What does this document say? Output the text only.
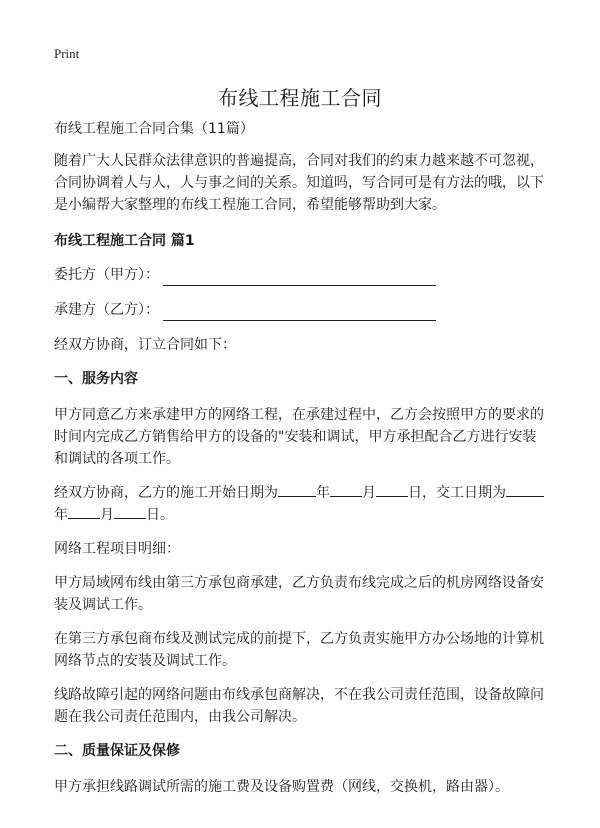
Print
布线工程施工合同

布线工程施工合同合集（11篇）

随着广大人民群众法律意识的普遍提高，合同对我们的约束力越来越不可忽视，合同协调着人与人，人与事之间的关系。知道吗，写合同可是有方法的哦，以下是小编帮大家整理的布线工程施工合同，希望能够帮助到大家。

布线工程施工合同 篇1

委托方（甲方）：

承建方（乙方）：

经双方协商，订立合同如下：

一、服务内容

甲方同意乙方来承建甲方的网络工程，在承建过程中，乙方会按照甲方的要求的时间内完成乙方销售给甲方的设备的"安装和调试，甲方承担配合乙方进行安装和调试的各项工作。

经双方协商，乙方的施工开始日期为	年 月 日，交工日期为年 月 日。

网络工程项目明细：

甲方局域网布线由第三方承包商承建，乙方负责布线完成之后的机房网络设备安装及调试工作。

在第三方承包商布线及测试完成的前提下，乙方负责实施甲方办公场地的计算机网络节点的安装及调试工作。

线路故障引起的网络问题由布线承包商解决，不在我公司责任范围，设备故障问题在我公司责任范围内，由我公司解决。

二、质量保证及保修

甲方承担线路调试所需的施工费及设备购置费（网线，交换机，路由器）。
